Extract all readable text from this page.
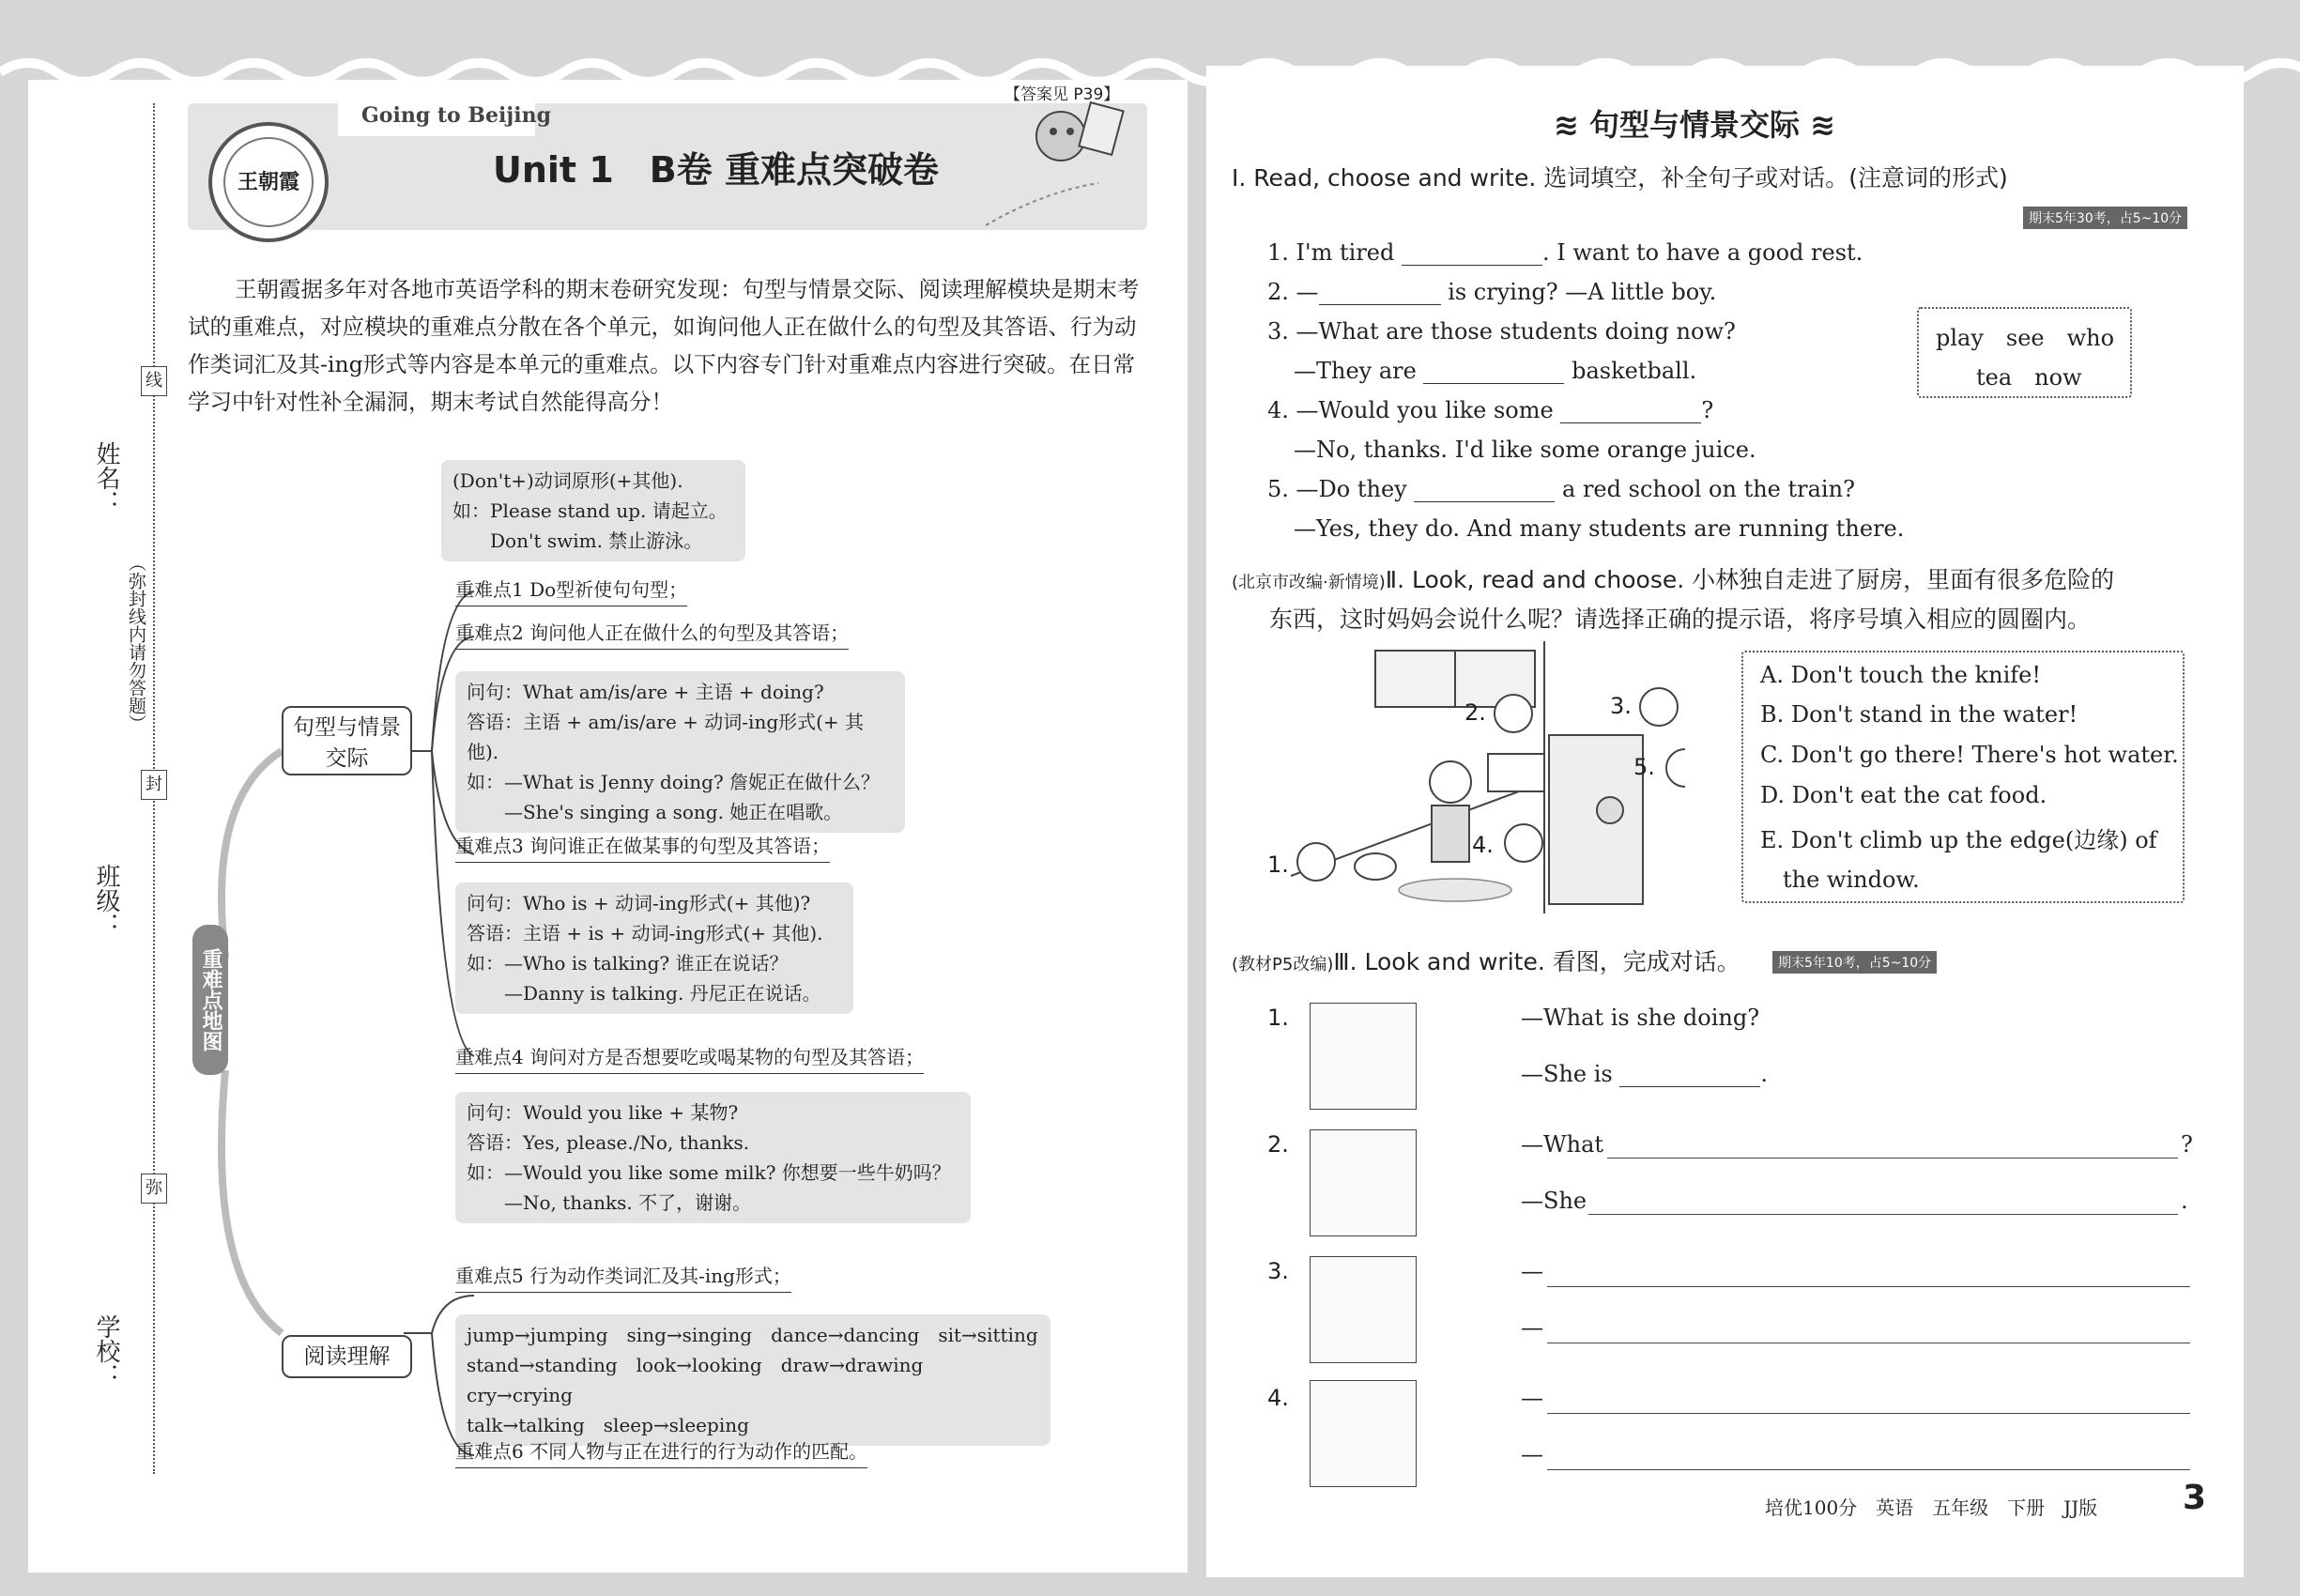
姓名：
班级：
学校：
（弥封线内请勿答题）
线
封
弥
Going to Beijing
【答案见 P39】
王朝霞	Unit 1　B卷 重难点突破卷
王朝霞据多年对各地市英语学科的期末卷研究发现：句型与情景交际、阅读理解模块是期末考试的重难点，对应模块的重难点分散在各个单元，如询问他人正在做什么的句型及其答语、行为动作类词汇及其-ing形式等内容是本单元的重难点。以下内容专门针对重难点内容进行突破。在日常学习中针对性补全漏洞，期末考试自然能得高分！
(Don't+)动词原形(+其他).
如：Please stand up. 请起立。
　　Don't swim. 禁止游泳。
重难点1 Do型祈使句句型；
重难点2 询问他人正在做什么的句型及其答语；
问句：What am/is/are + 主语 + doing?
答语：主语 + am/is/are + 动词-ing形式(+ 其他).
如：—What is Jenny doing? 詹妮正在做什么？
　　—She's singing a song. 她正在唱歌。
重难点3 询问谁正在做某事的句型及其答语；
问句：Who is + 动词-ing形式(+ 其他)?
答语：主语 + is + 动词-ing形式(+ 其他).
如：—Who is talking? 谁正在说话？
　　—Danny is talking. 丹尼正在说话。
重难点4 询问对方是否想要吃或喝某物的句型及其答语；
问句：Would you like + 某物?
答语：Yes, please./No, thanks.
如：—Would you like some milk? 你想要一些牛奶吗？
　　—No, thanks. 不了，谢谢。
重难点5 行为动作类词汇及其-ing形式；
jump→jumping　sing→singing　dance→dancing　sit→sitting
stand→standing　look→looking　draw→drawing　cry→crying
talk→talking　sleep→sleeping
重难点6 不同人物与正在进行的行为动作的匹配。
句型与情景交际
阅读理解
重难点地图
≋ 句型与情景交际 ≋
Ⅰ. Read, choose and write. 选词填空，补全句子或对话。(注意词的形式)
期末5年30考，占5~10分
1. I'm tired	. I want to have a good rest.
2. —	is crying? —A little boy.
3. —What are those students doing now?
—They are	basketball.
4. —Would you like some	?
—No, thanks. I'd like some orange juice.
5. —Do they	a red school on the train?
—Yes, they do. And many students are running there.
play　see　who
tea　now
(北京市改编·新情境)Ⅱ. Look, read and choose. 小林独自走进了厨房，里面有很多危险的
东西，这时妈妈会说什么呢？请选择正确的提示语，将序号填入相应的圆圈内。
1.
2.	3.
4.
5.
A. Don't touch the knife!
B. Don't stand in the water!
C. Don't go there! There's hot water.
D. Don't eat the cat food.
E. Don't climb up the edge(边缘) of
　the window.
(教材P5改编)Ⅲ. Look and write. 看图，完成对话。	期末5年10考，占5~10分
1.	—What is she doing?
—She is	.
2.	—What	?
—She	.
3.	—
—
4.	—
—
培优100分　英语　五年级　下册　JJ版	3
